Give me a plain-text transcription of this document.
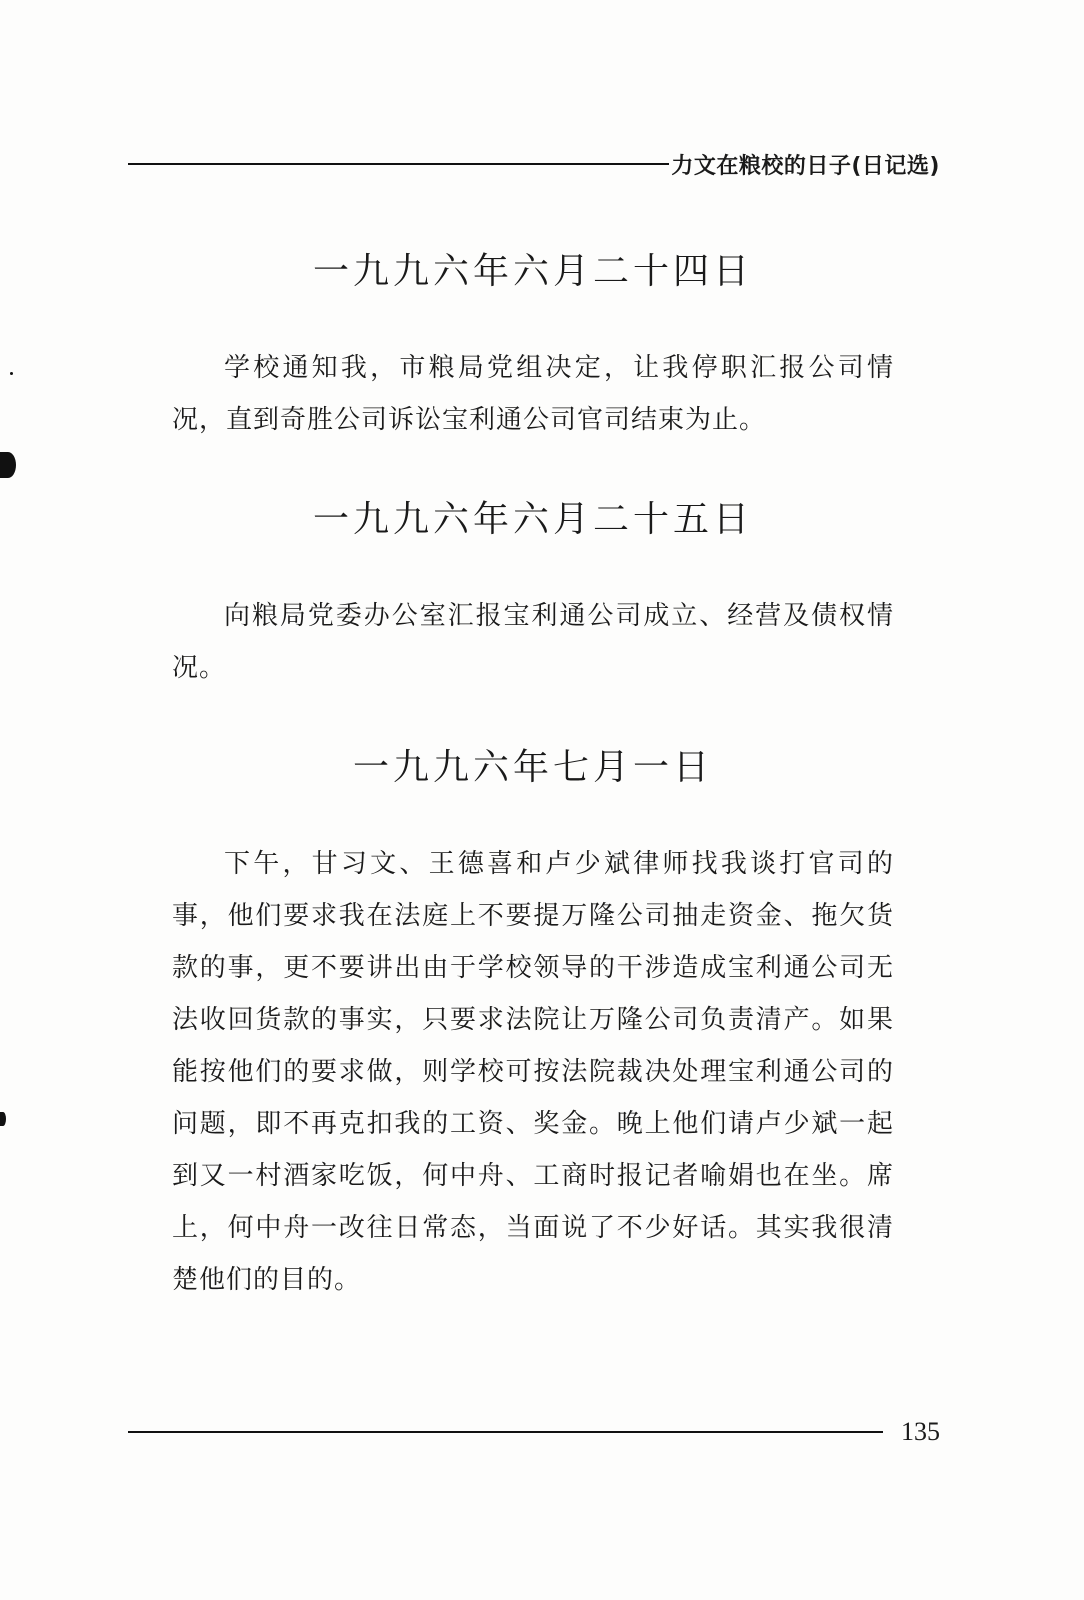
力文在粮校的日子(日记选)
一九九六年六月二十四日

学校通知我，市粮局党组决定，让我停职汇报公司情况，直到奇胜公司诉讼宝利通公司官司结束为止。

一九九六年六月二十五日

向粮局党委办公室汇报宝利通公司成立、经营及债权情况。

一九九六年七月一日

下午，甘习文、王德喜和卢少斌律师找我谈打官司的事，他们要求我在法庭上不要提万隆公司抽走资金、拖欠货款的事，更不要讲出由于学校领导的干涉造成宝利通公司无法收回货款的事实，只要求法院让万隆公司负责清产。如果能按他们的要求做，则学校可按法院裁决处理宝利通公司的问题，即不再克扣我的工资、奖金。晚上他们请卢少斌一起到又一村酒家吃饭，何中舟、工商时报记者喻娟也在坐。席上，何中舟一改往日常态，当面说了不少好话。其实我很清楚他们的目的。

135
